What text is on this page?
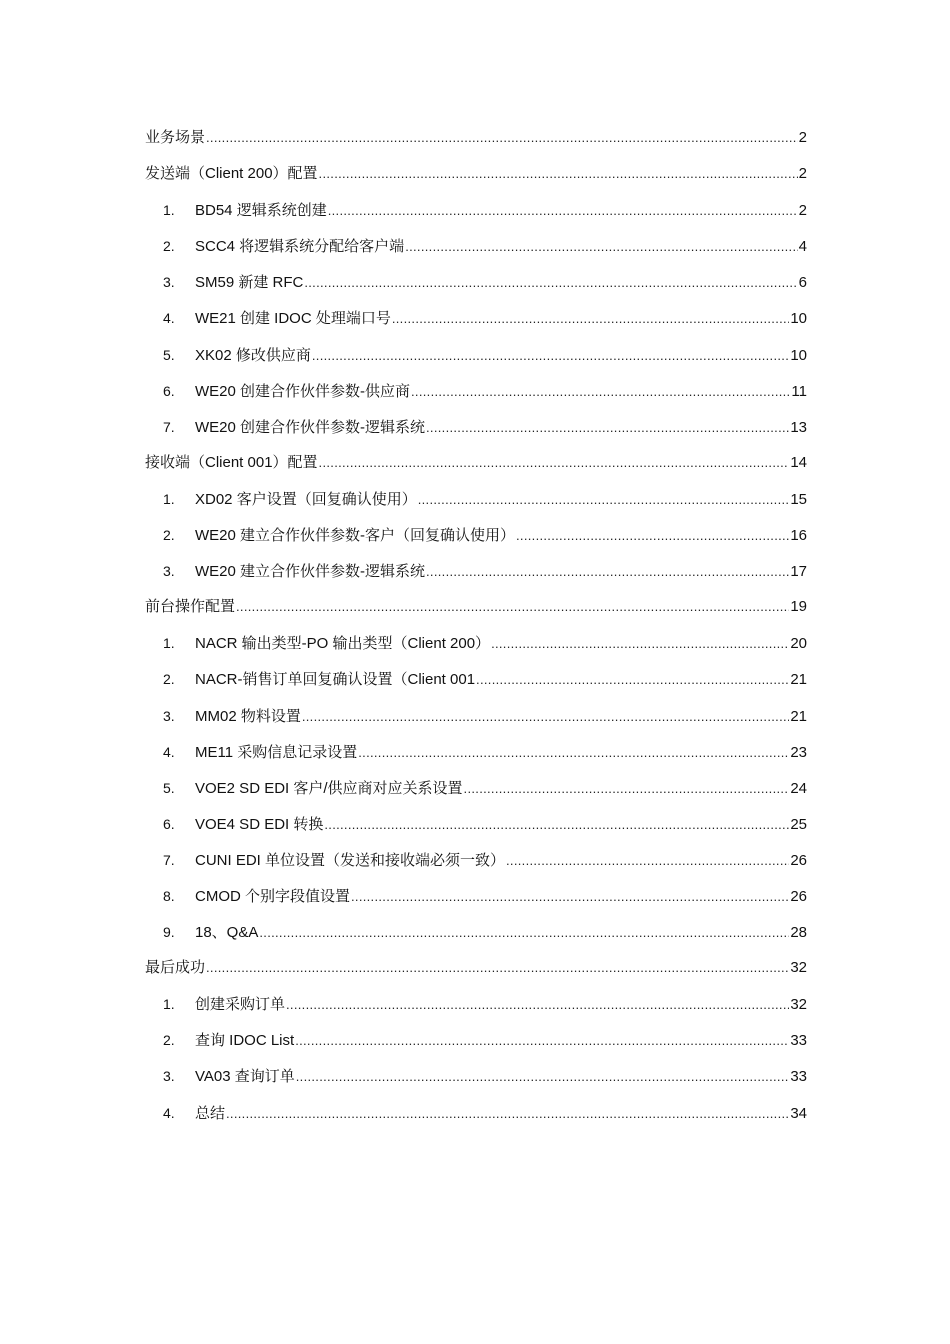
业务场景 .....	2
发送端（Client 200）配置 .....	2
1.	BD54 逻辑系统创建 .....	2
2.	SCC4 将逻辑系统分配给客户端 .....	4
3.	SM59 新建 RFC .....	6
4.	WE21 创建 IDOC 处理端口号 .....	10
5.	XK02 修改供应商 .....	10
6.	WE20 创建合作伙伴参数-供应商 .....	11
7.	WE20 创建合作伙伴参数-逻辑系统 .....	13
接收端（Client 001）配置 .....	14
1.	XD02 客户设置（回复确认使用） .....	15
2.	WE20 建立合作伙伴参数-客户（回复确认使用） .....	16
3.	WE20 建立合作伙伴参数-逻辑系统 .....	17
前台操作配置 .....	19
1.	NACR 输出类型-PO 输出类型（Client 200） .....	20
2.	NACR-销售订单回复确认设置（Client 001 .....	21
3.	MM02 物料设置 .....	21
4.	ME11 采购信息记录设置 .....	23
5.	VOE2 SD EDI 客户/供应商对应关系设置 .....	24
6.	VOE4 SD EDI 转换 .....	25
7.	CUNI EDI 单位设置（发送和接收端必须一致） .....	26
8.	CMOD 个别字段值设置 .....	26
9.	18、Q&A .....	28
最后成功 .....	32
1.	创建采购订单 .....	32
2.	查询 IDOC List .....	33
3.	VA03 查询订单 .....	33
4.	总结 .....	34
